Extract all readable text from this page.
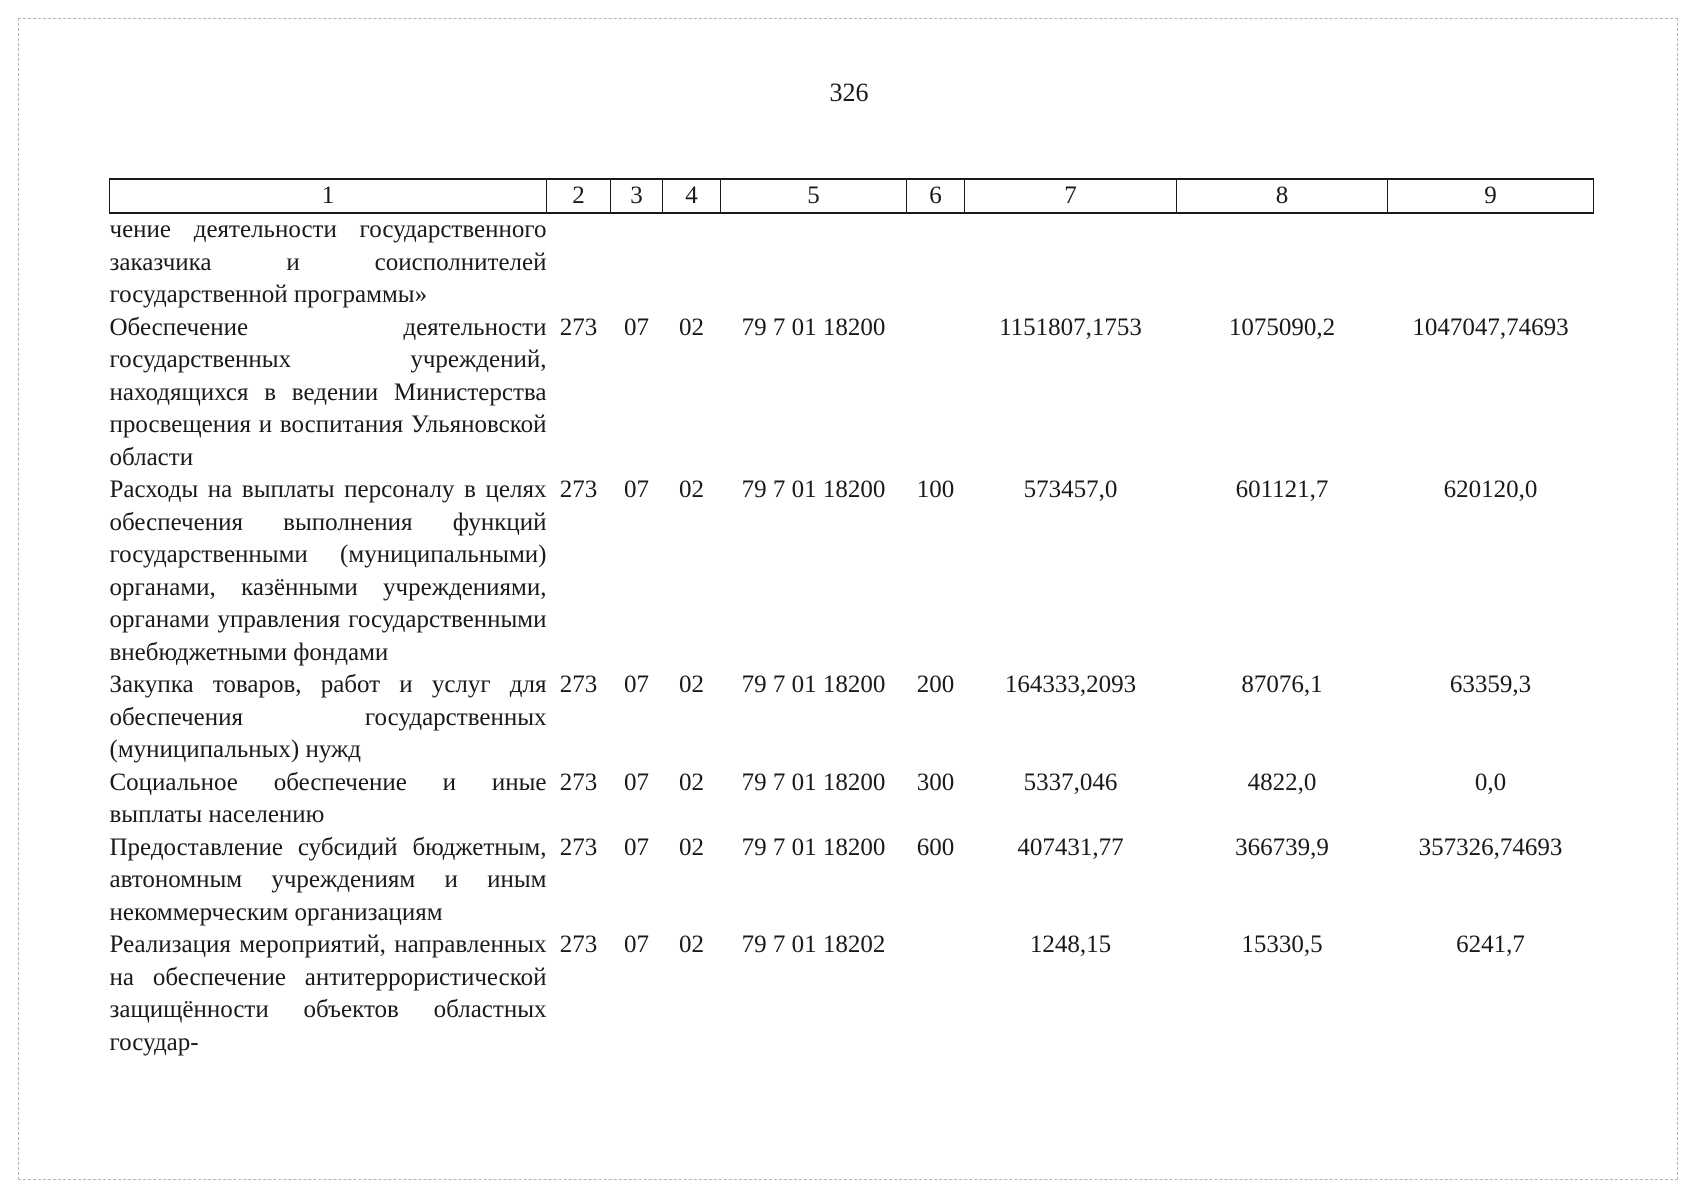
326
1	2	3	4	5	6	7	8	9
чение деятельности государственного заказчика и соисполнителей государственной программы»								
Обеспечение деятельности государственных учреждений, находящихся в ведении Министерства просвещения и воспитания Ульяновской области	273	07	02	79 7 01 18200		1151807,1753	1075090,2	1047047,74693
Расходы на выплаты персоналу в целях обеспечения выполнения функций государственными (муниципальными) органами, казёнными учреждениями, органами управления государственными внебюджетными фондами	273	07	02	79 7 01 18200	100	573457,0	601121,7	620120,0
Закупка товаров, работ и услуг для обеспечения государственных (муниципальных) нужд	273	07	02	79 7 01 18200	200	164333,2093	87076,1	63359,3
Социальное обеспечение и иные выплаты населению	273	07	02	79 7 01 18200	300	5337,046	4822,0	0,0
Предоставление субсидий бюджетным, автономным учреждениям и иным некоммерческим организациям	273	07	02	79 7 01 18200	600	407431,77	366739,9	357326,74693
Реализация мероприятий, направленных на обеспечение антитеррористической защищённости объектов областных государ-	273	07	02	79 7 01 18202		1248,15	15330,5	6241,7
